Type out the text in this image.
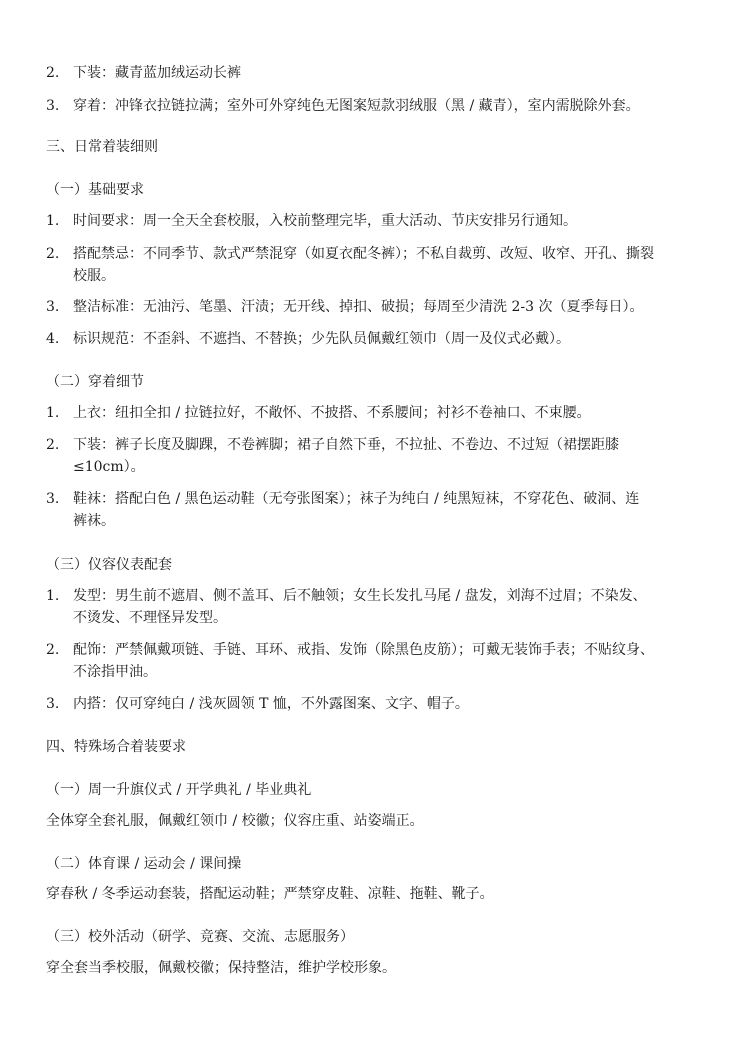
2. 下装：藏青蓝加绒运动长裤
3. 穿着：冲锋衣拉链拉满；室外可外穿纯色无图案短款羽绒服（黑 / 藏青），室内需脱除外套。
三、日常着装细则
（一）基础要求
1. 时间要求：周一全天全套校服，入校前整理完毕，重大活动、节庆安排另行通知。
2. 搭配禁忌：不同季节、款式严禁混穿（如夏衣配冬裤）；不私自裁剪、改短、收窄、开孔、撕裂
校服。
3. 整洁标准：无油污、笔墨、汗渍；无开线、掉扣、破损；每周至少清洗 2-3 次（夏季每日）。
4. 标识规范：不歪斜、不遮挡、不替换；少先队员佩戴红领巾（周一及仪式必戴）。
（二）穿着细节
1. 上衣：纽扣全扣 / 拉链拉好，不敞怀、不披搭、不系腰间；衬衫不卷袖口、不束腰。
2. 下装：裤子长度及脚踝，不卷裤脚；裙子自然下垂，不拉扯、不卷边、不过短（裙摆距膝
≤10cm）。
3. 鞋袜：搭配白色 / 黑色运动鞋（无夸张图案）；袜子为纯白 / 纯黑短袜，不穿花色、破洞、连
裤袜。
（三）仪容仪表配套
1. 发型：男生前不遮眉、侧不盖耳、后不触领；女生长发扎马尾 / 盘发，刘海不过眉；不染发、
不烫发、不理怪异发型。
2. 配饰：严禁佩戴项链、手链、耳环、戒指、发饰（除黑色皮筋）；可戴无装饰手表；不贴纹身、
不涂指甲油。
3. 内搭：仅可穿纯白 / 浅灰圆领 T 恤，不外露图案、文字、帽子。
四、特殊场合着装要求
（一）周一升旗仪式 / 开学典礼 / 毕业典礼
全体穿全套礼服，佩戴红领巾 / 校徽；仪容庄重、站姿端正。
（二）体育课 / 运动会 / 课间操
穿春秋 / 冬季运动套装，搭配运动鞋；严禁穿皮鞋、凉鞋、拖鞋、靴子。
（三）校外活动（研学、竞赛、交流、志愿服务）
穿全套当季校服，佩戴校徽；保持整洁，维护学校形象。
